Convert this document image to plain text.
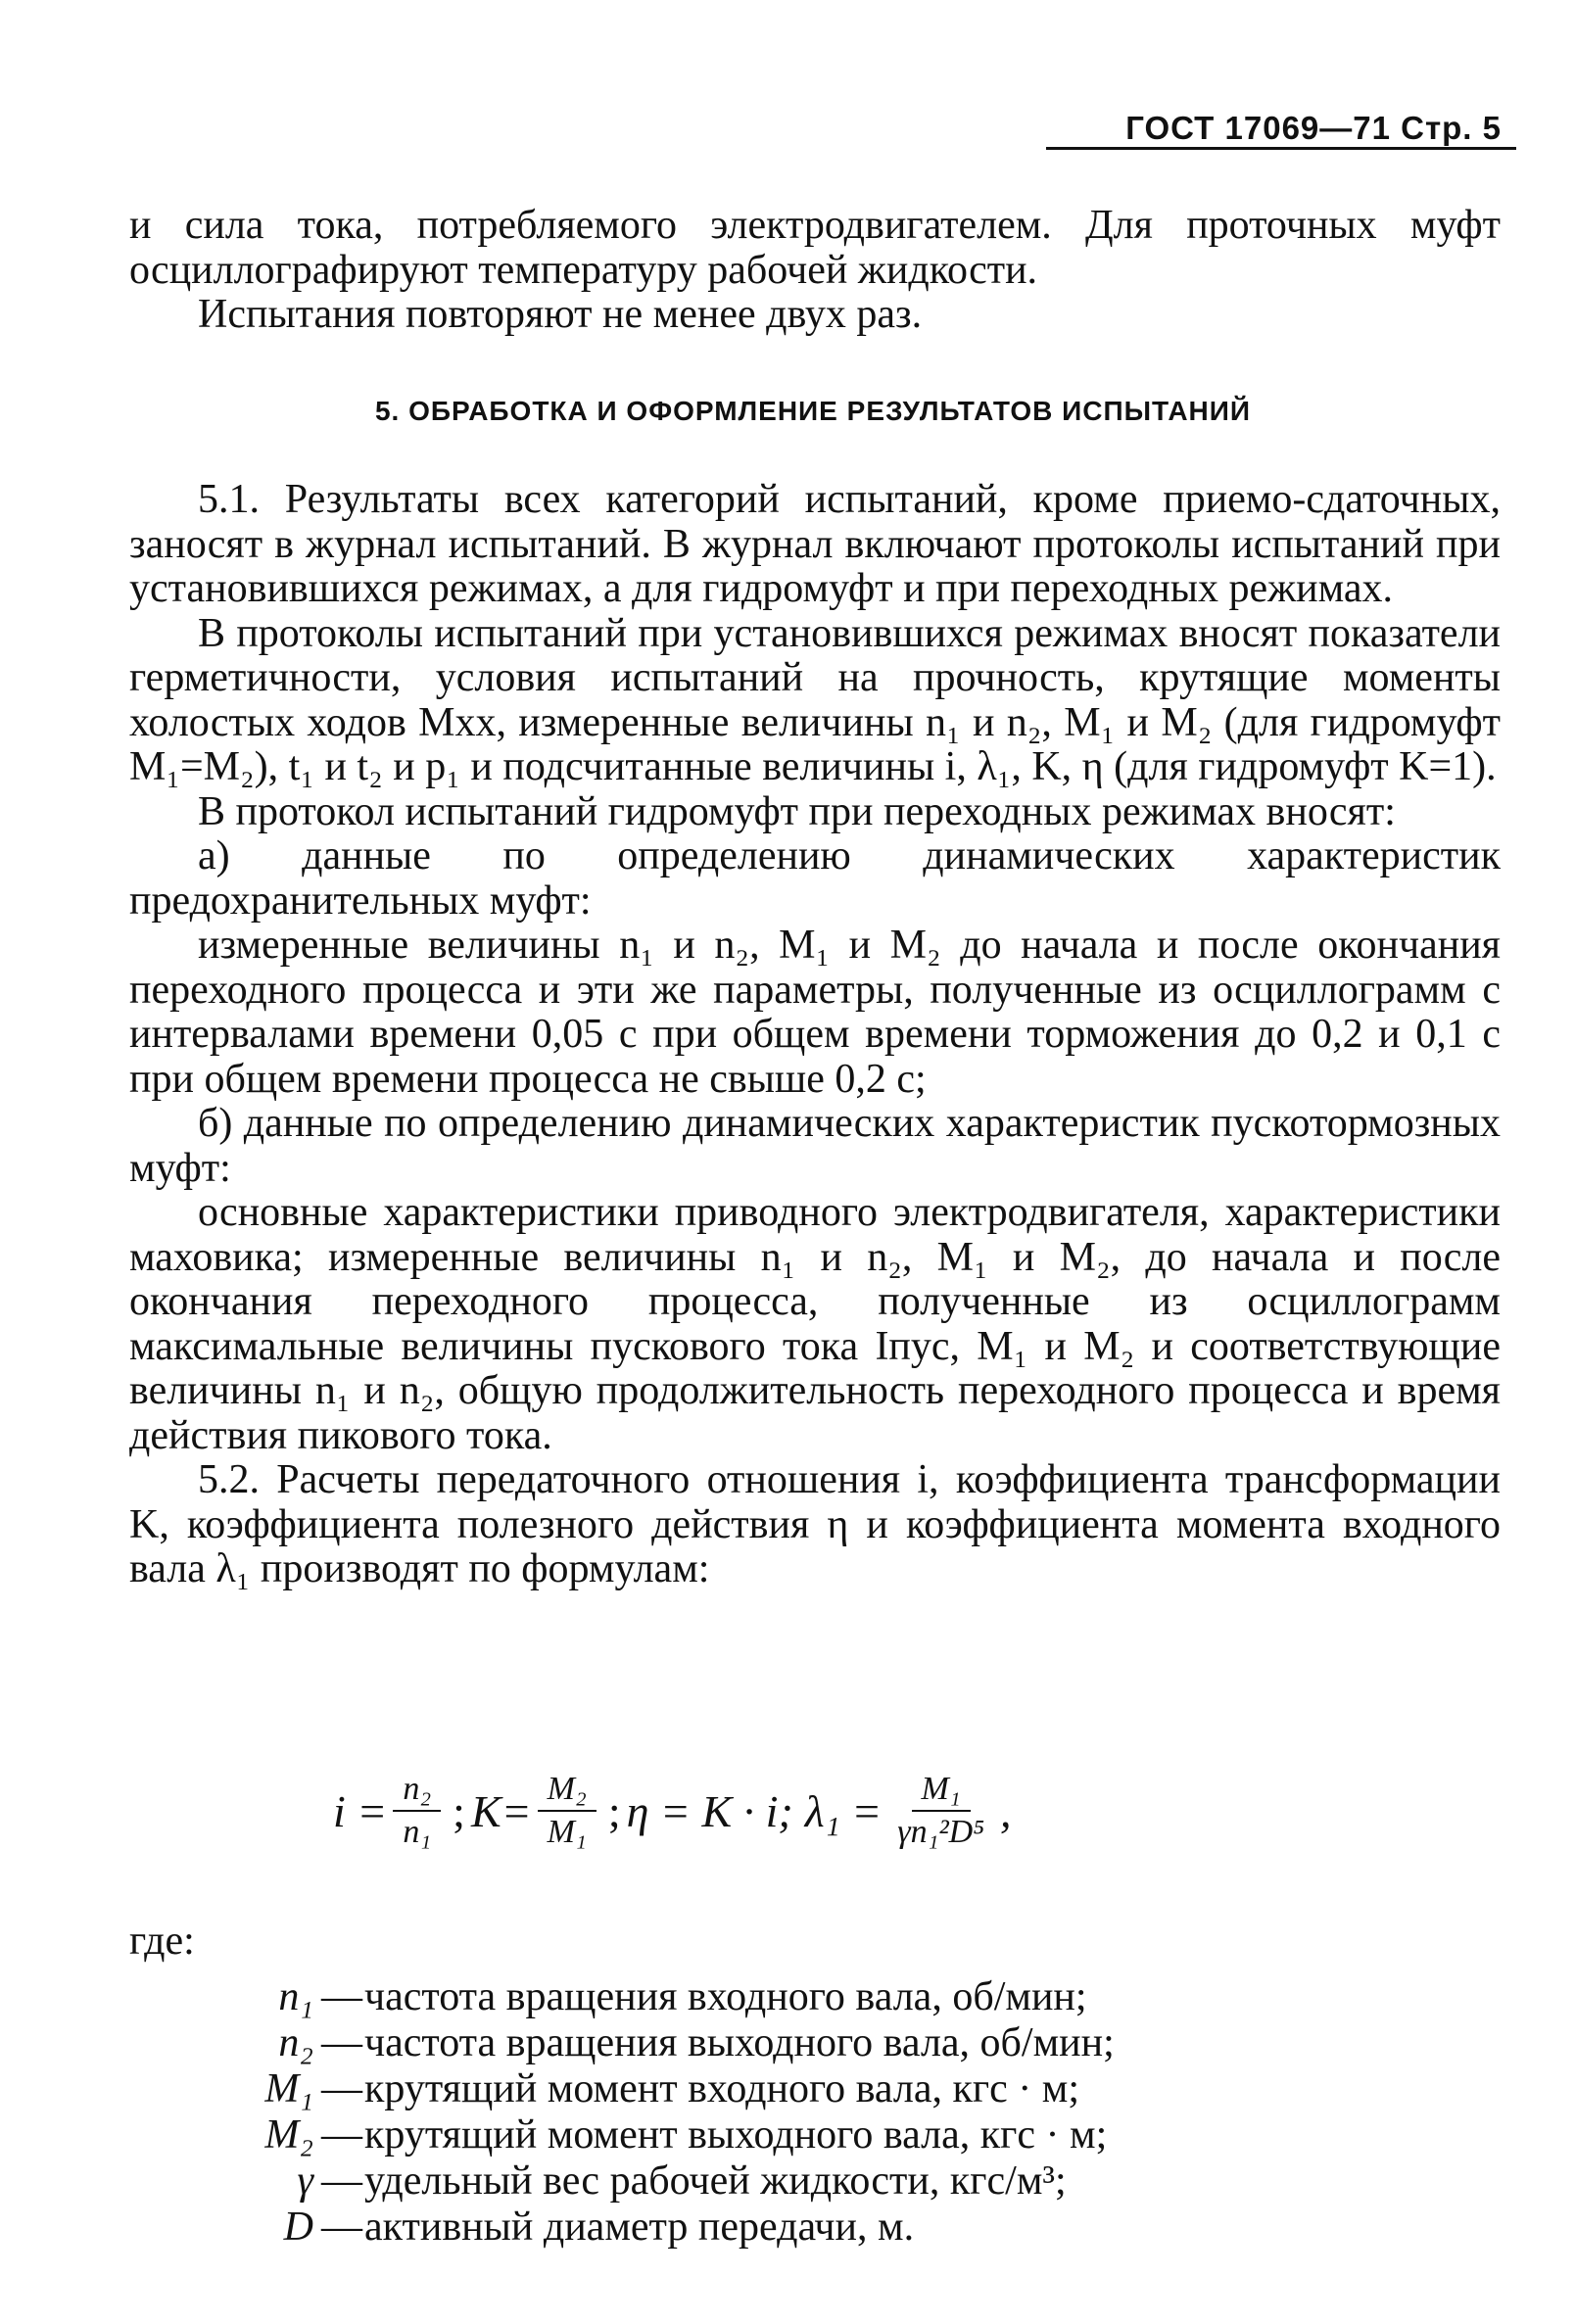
ГОСТ 17069—71 Стр. 5

и сила тока, потребляемого электродвигателем. Для проточных муфт осциллографируют температуру рабочей жидкости.

Испытания повторяют не менее двух раз.

5. ОБРАБОТКА И ОФОРМЛЕНИЕ РЕЗУЛЬТАТОВ ИСПЫТАНИЙ

5.1. Результаты всех категорий испытаний, кроме приемо-сдаточных, заносят в журнал испытаний. В журнал включают протоколы испытаний при установившихся режимах, а для гидромуфт и при переходных режимах.

В протоколы испытаний при установившихся режимах вносят показатели герметичности, условия испытаний на прочность, крутящие моменты холостых ходов Mхх, измеренные величины n₁ и n₂, M₁ и M₂ (для гидромуфт M₁=M₂), t₁ и t₂ и p₁ и подсчитанные величины i, λ₁, K, η (для гидромуфт K=1).

В протокол испытаний гидромуфт при переходных режимах вносят:

а) данные по определению динамических характеристик предохранительных муфт:

измеренные величины n₁ и n₂, M₁ и M₂ до начала и после окончания переходного процесса и эти же параметры, полученные из осциллограмм с интервалами времени 0,05 с при общем времени торможения до 0,2 и 0,1 с при общем времени процесса не свыше 0,2 с;

б) данные по определению динамических характеристик пускотормозных муфт:

основные характеристики приводного электродвигателя, характеристики маховика; измеренные величины n₁ и n₂, M₁ и M₂, до начала и после окончания переходного процесса, полученные из осциллограмм максимальные величины пускового тока Iпус, M₁ и M₂ и соответствующие величины n₁ и n₂, общую продолжительность переходного процесса и время действия пикового тока.

5.2. Расчеты передаточного отношения i, коэффициента трансформации K, коэффициента полезного действия η и коэффициента момента входного вала λ₁ производят по формулам:

$i = \frac{\text{n₂}}{\text{n₁}}$ ; $K= \frac{\text{M₂}}{\text{M₁}}$ ; η = K · i; $\lambda_1 = \frac{\text{M₁}}{\text{γn₁²D⁵}}$ ,
где:
n₁ — частота вращения входного вала, об/мин;
n₂ — частота вращения выходного вала, об/мин;
M₁ — крутящий момент входного вала, кгс · м;
M₂ — крутящий момент выходного вала, кгс · м;
γ — удельный вес рабочей жидкости, кгс/м³;
D — активный диаметр передачи, м.
